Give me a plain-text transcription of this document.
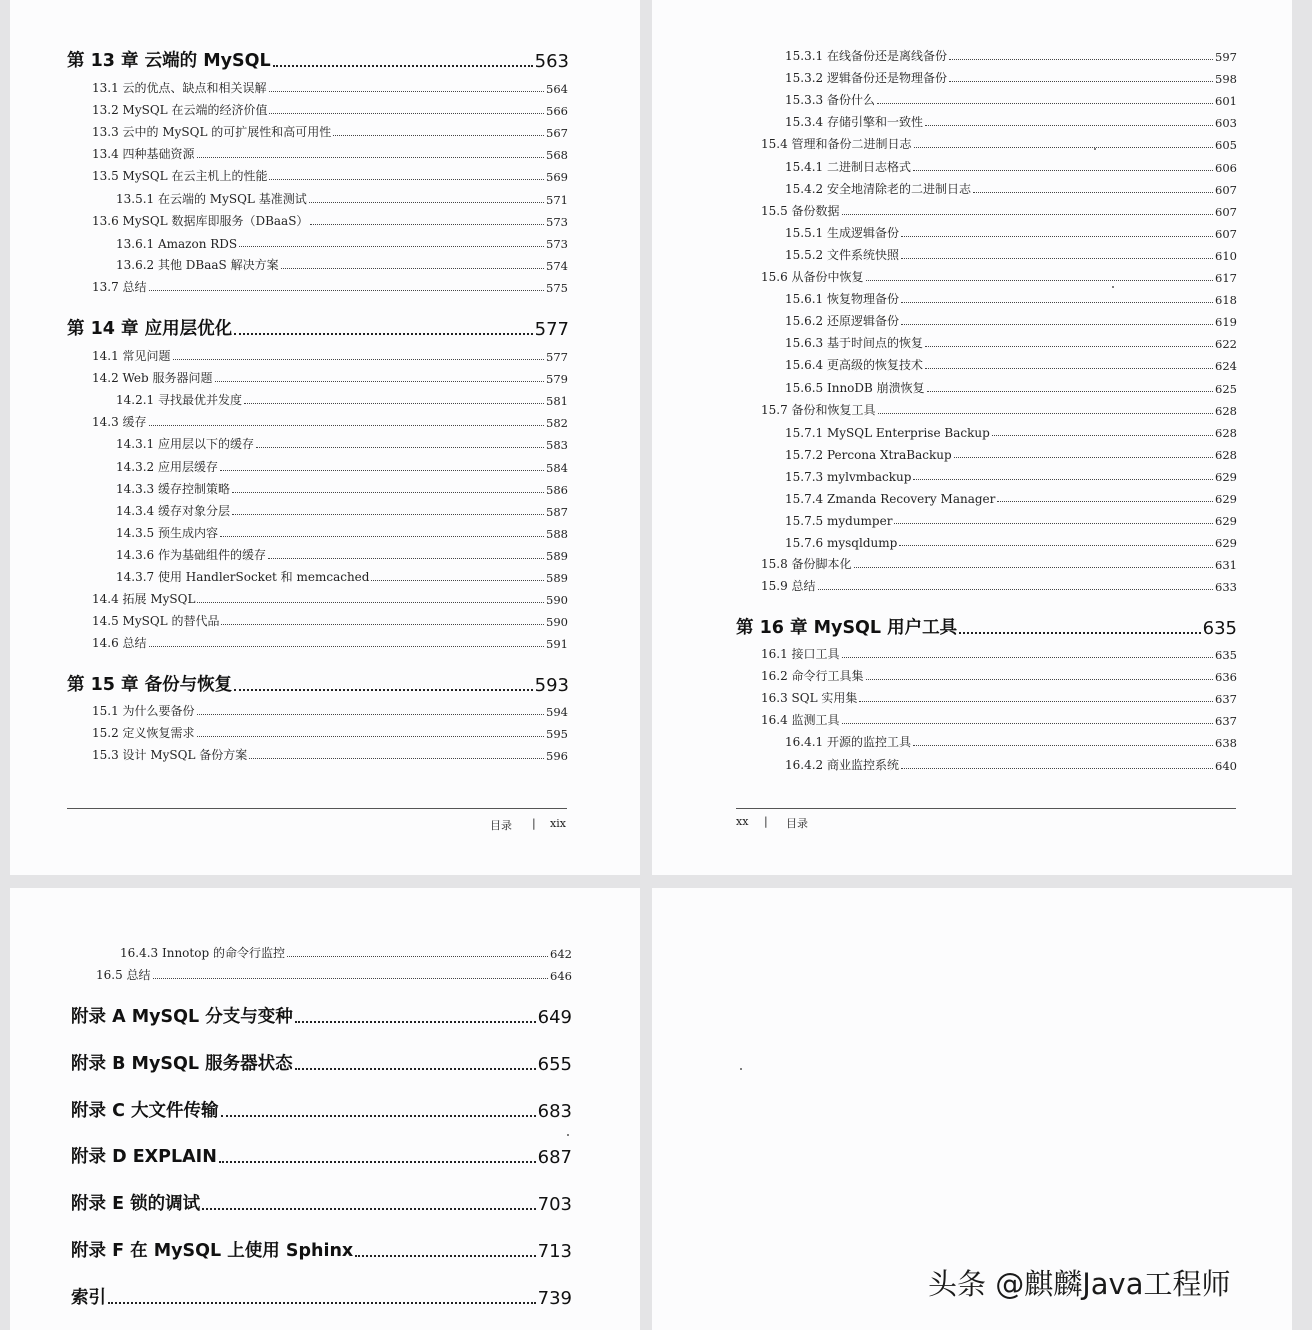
第 13 章 云端的 MySQL	563
13.1 云的优点、缺点和相关误解	564
13.2 MySQL 在云端的经济价值	566
13.3 云中的 MySQL 的可扩展性和高可用性	567
13.4 四种基础资源	568
13.5 MySQL 在云主机上的性能	569
13.5.1 在云端的 MySQL 基准测试	571
13.6 MySQL 数据库即服务（DBaaS）	573
13.6.1 Amazon RDS	573
13.6.2 其他 DBaaS 解决方案	574
13.7 总结	575
第 14 章 应用层优化	577
14.1 常见问题	577
14.2 Web 服务器问题	579
14.2.1 寻找最优并发度	581
14.3 缓存	582
14.3.1 应用层以下的缓存	583
14.3.2 应用层缓存	584
14.3.3 缓存控制策略	586
14.3.4 缓存对象分层	587
14.3.5 预生成内容	588
14.3.6 作为基础组件的缓存	589
14.3.7 使用 HandlerSocket 和 memcached	589
14.4 拓展 MySQL	590
14.5 MySQL 的替代品	590
14.6 总结	591
第 15 章 备份与恢复	593
15.1 为什么要备份	594
15.2 定义恢复需求	595
15.3 设计 MySQL 备份方案	596
目录 | xix
15.3.1 在线备份还是离线备份	597
15.3.2 逻辑备份还是物理备份	598
15.3.3 备份什么	601
15.3.4 存储引擎和一致性	603
15.4 管理和备份二进制日志	605
15.4.1 二进制日志格式	606
15.4.2 安全地清除老的二进制日志	607
15.5 备份数据	607
15.5.1 生成逻辑备份	607
15.5.2 文件系统快照	610
15.6 从备份中恢复	617
15.6.1 恢复物理备份	618
15.6.2 还原逻辑备份	619
15.6.3 基于时间点的恢复	622
15.6.4 更高级的恢复技术	624
15.6.5 InnoDB 崩溃恢复	625
15.7 备份和恢复工具	628
15.7.1 MySQL Enterprise Backup	628
15.7.2 Percona XtraBackup	628
15.7.3 mylvmbackup	629
15.7.4 Zmanda Recovery Manager	629
15.7.5 mydumper	629
15.7.6 mysqldump	629
15.8 备份脚本化	631
15.9 总结	633
第 16 章 MySQL 用户工具	635
16.1 接口工具	635
16.2 命令行工具集	636
16.3 SQL 实用集	637
16.4 监测工具	637
16.4.1 开源的监控工具	638
16.4.2 商业监控系统	640
xx | 目录
16.4.3 Innotop 的命令行监控	642
16.5 总结	646
附录 A MySQL 分支与变种	649
附录 B MySQL 服务器状态	655
附录 C 大文件传输	683
附录 D EXPLAIN	687
附录 E 锁的调试	703
附录 F 在 MySQL 上使用 Sphinx	713
索引	739	头条 @麒麟Java工程师
